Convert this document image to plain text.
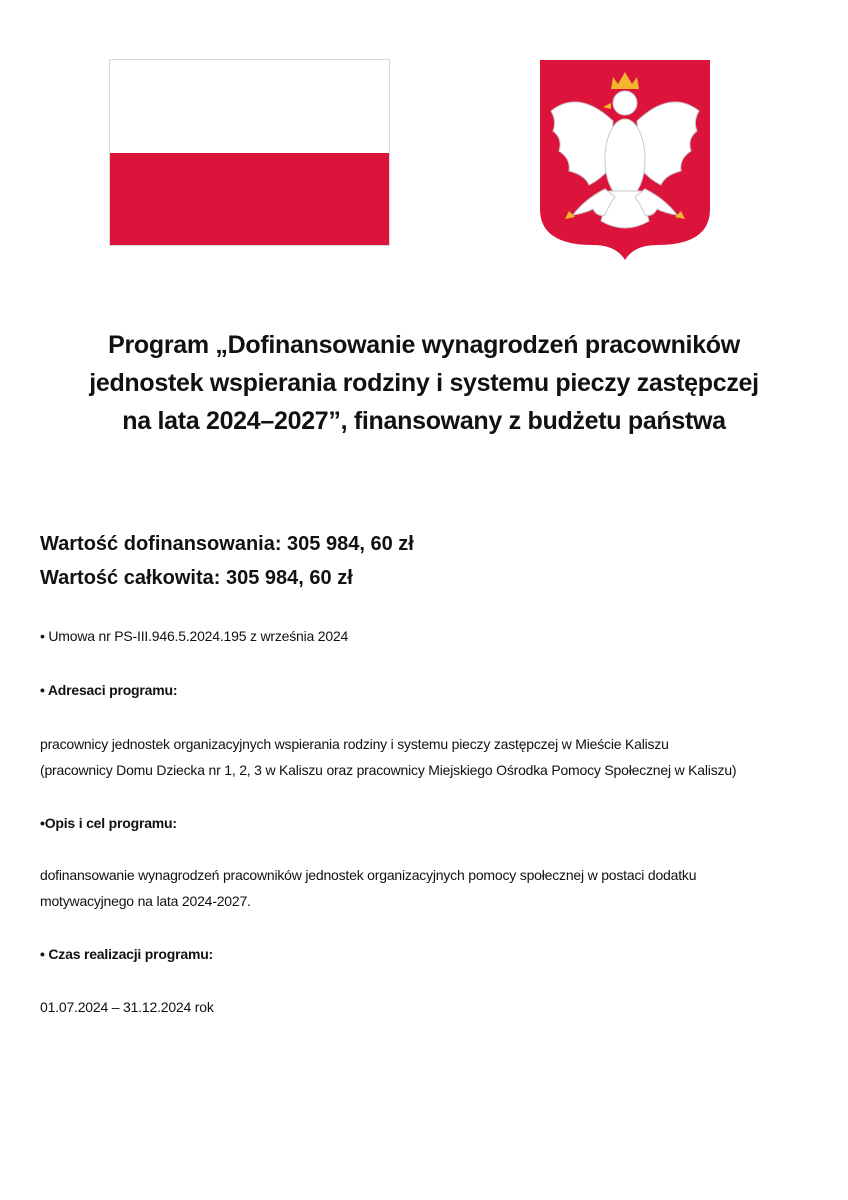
Program „Dofinansowanie wynagrodzeń pracowników
jednostek wspierania rodziny i systemu pieczy zastępczej
na lata 2024–2027”, finansowany z budżetu państwa
Wartość dofinansowania: 305 984, 60 zł
Wartość całkowita: 305 984, 60 zł
• Umowa nr PS-III.946.5.2024.195 z września 2024
• Adresaci programu:
pracownicy jednostek organizacyjnych wspierania rodziny i systemu pieczy zastępczej w Mieście Kaliszu
(pracownicy Domu Dziecka nr 1, 2, 3 w Kaliszu oraz pracownicy Miejskiego Ośrodka Pomocy Społecznej w Kaliszu)
•Opis i cel programu:
dofinansowanie wynagrodzeń pracowników jednostek organizacyjnych pomocy społecznej w postaci dodatku
motywacyjnego na lata 2024-2027.
• Czas realizacji programu:
01.07.2024 – 31.12.2024 rok
